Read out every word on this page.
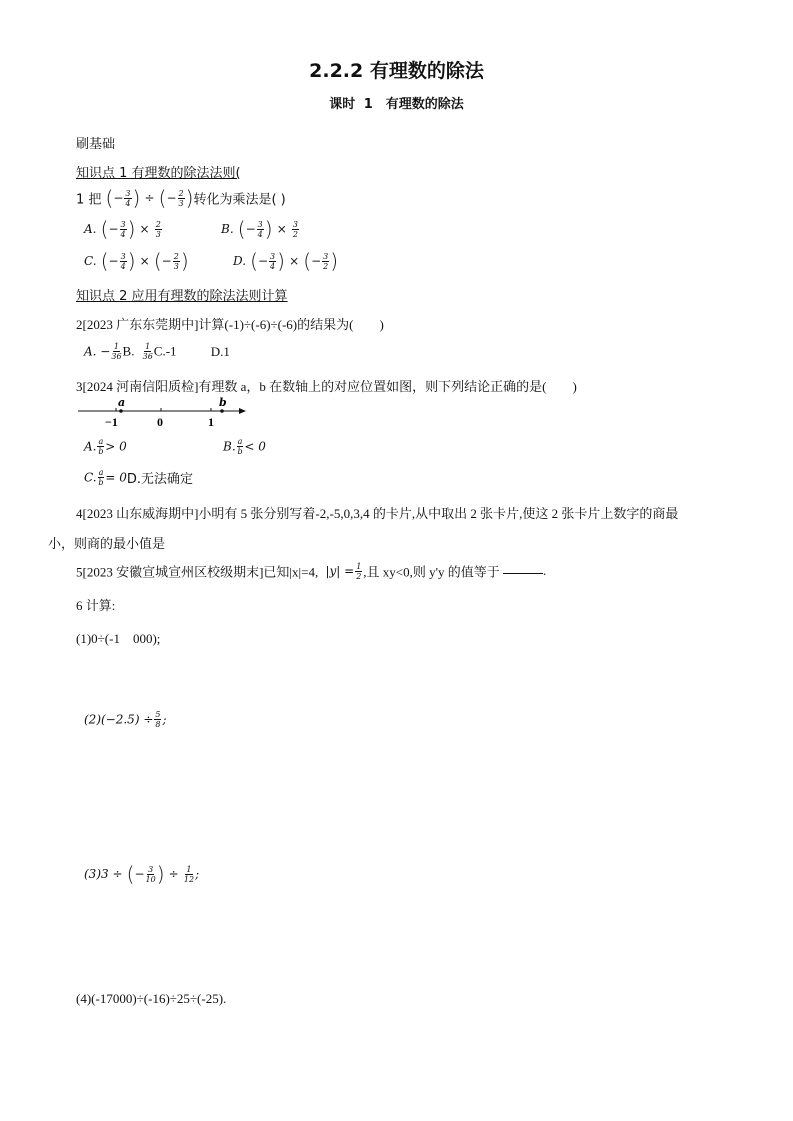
2.2.2 有理数的除法
课时 1　有理数的除法
刷基础
知识点 1 有理数的除法法则(
1 把 (− $\frac{3}{4}$ ) ÷ (− $\frac{2}{3}$ )转化为乘法是( )
A. (− $\frac{3}{4}$ ) × $\frac{2}{3}$	B. (− $\frac{3}{4}$ ) × $\frac{3}{2}$
C. (− $\frac{3}{4}$ ) × (− $\frac{2}{3}$ )	D. (− $\frac{3}{4}$ ) × (− $\frac{3}{2}$ )
知识点 2 应用有理数的除法法则计算
2[2023 广东东莞期中]计算(-1)÷(-6)÷(-6)的结果为(　　)
A. − $\frac{1}{36} B$. $\frac{1}{36} C.-1$	D.1
3[2024 河南信阳质检]有理数 a，b 在数轴上的对应位置如图，则下列结论正确的是(　　)
a	b
−1	0	1
A. $\frac{a}{b} > 0$	B. $\frac{a}{b} < 0$
C. $\frac{a}{b} = 0D$.无法确定
4[2023 山东威海期中]小明有 5 张分别写着-2,-5,0,3,4 的卡片,从中取出 2 张卡片,使这 2 张卡片上数字的商最
小，则商的最小值是
5[2023 安徽宣城宣州区校级期末]已知|x|=4, $|y| = \frac{1}{2}$ ,且 xy<0,则 y'y 的值等于	.
6 计算:
(1)0÷(-1　000);
$(2)(-2.5) \div \frac{5}{8}$ ;
(3)3 ÷ (− $\frac{3}{10}$ ) ÷ $\frac{1}{12}$ ;
(4)(-17000)÷(-16)÷25÷(-25).
